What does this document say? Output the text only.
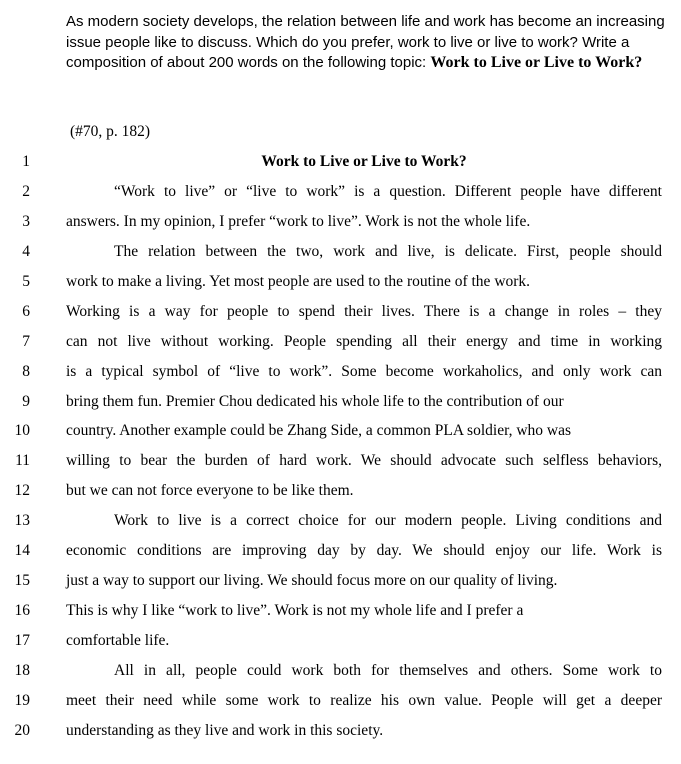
As modern society develops, the relation between life and work has become an increasing issue people like to discuss. Which do you prefer, work to live or live to work? Write a composition of about 200 words on the following topic: Work to Live or Live to Work?

(#70, p. 182)

1	Work to Live or Live to Work?
2	“Work to live” or “live to work” is a question. Different people have different
3 answers. In my opinion, I prefer “work to live”. Work is not the whole life.
4	The relation between the two, work and live, is delicate. First, people should
5 work to make a living. Yet most people are used to the routine of the work.
6 Working is a way for people to spend their lives. There is a change in roles – they
7 can not live without working. People spending all their energy and time in working
8 is a typical symbol of “live to work”. Some become workaholics, and only work can
9 bring them fun. Premier Chou dedicated his whole life to the contribution of our
10 country. Another example could be Zhang Side, a common PLA soldier, who was
11 willing to bear the burden of hard work. We should advocate such selfless behaviors,
12 but we can not force everyone to be like them.
13	Work to live is a correct choice for our modern people. Living conditions and
14 economic conditions are improving day by day. We should enjoy our life. Work is
15 just a way to support our living. We should focus more on our quality of living.
16 This is why I like “work to live”. Work is not my whole life and I prefer a
17 comfortable life.
18	All in all, people could work both for themselves and others. Some work to
19 meet their need while some work to realize his own value. People will get a deeper
20 understanding as they live and work in this society.
